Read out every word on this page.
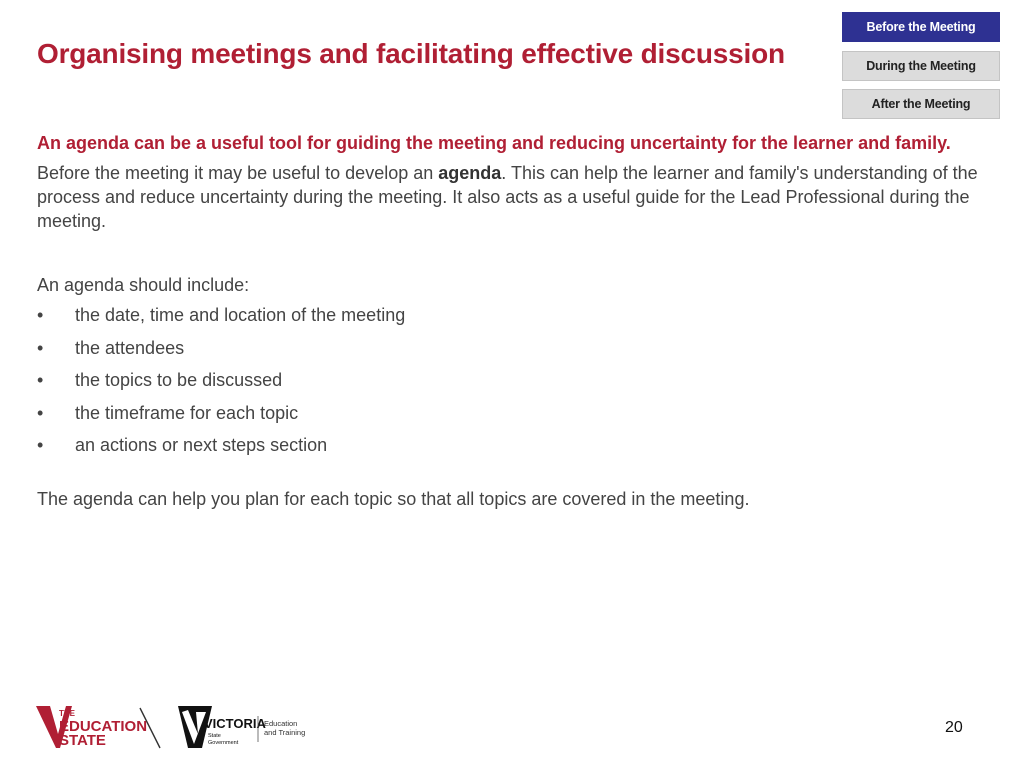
Organising meetings and facilitating effective discussion
Before the Meeting
During the Meeting
After the Meeting

An agenda can be a useful tool for guiding the meeting and reducing uncertainty for the learner and family.

Before the meeting it may be useful to develop an agenda. This can help the learner and family's understanding of the process and reduce uncertainty during the meeting. It also acts as a useful guide for the Lead Professional during the meeting.

An agenda should include:

• the date, time and location of the meeting
• the attendees
• the topics to be discussed
• the timeframe for each topic
• an actions or next steps section

The agenda can help you plan for each topic so that all topics are covered in the meeting.

THE
EDUCATION
STATE
VICTORIA
State
Government
Education
and Training	20
